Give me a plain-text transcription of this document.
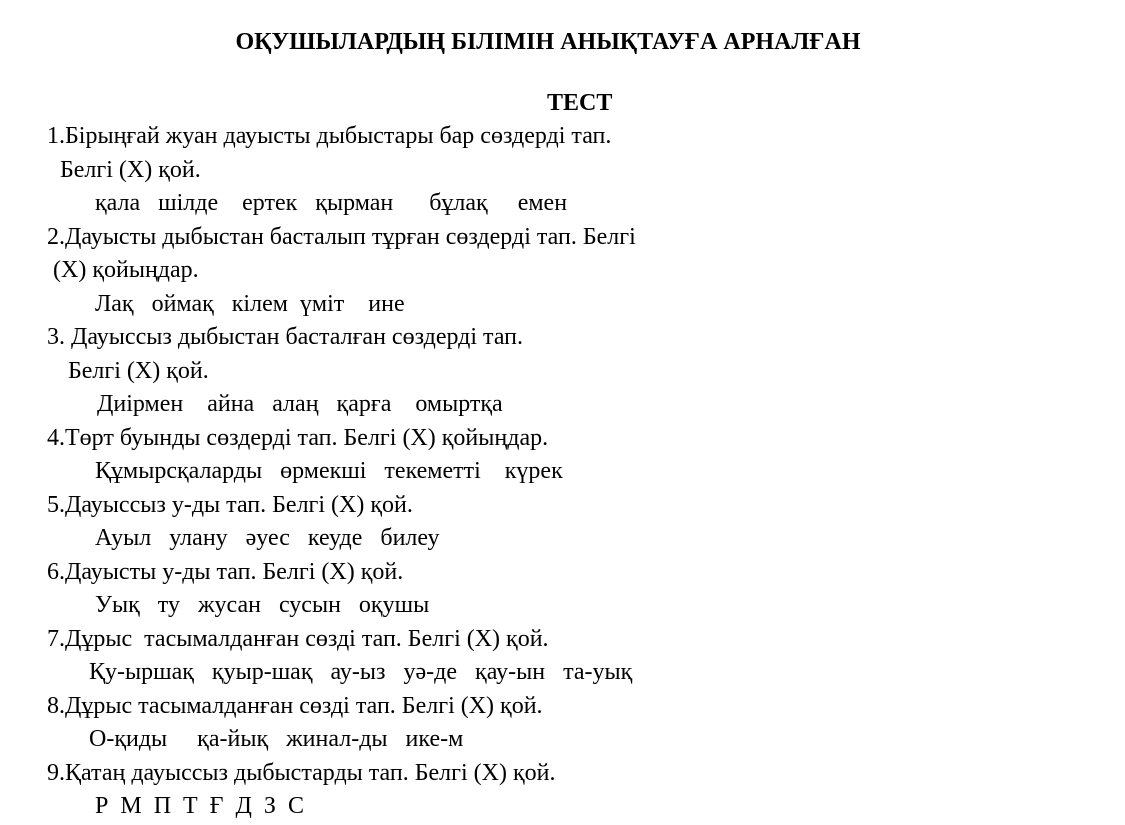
ОҚУШЫЛАРДЫҢ БІЛІМІН АНЫҚТАУҒА АРНАЛҒАН
ТЕСТ
1.Бірыңғай жуан дауысты дыбыстары бар сөздерді тап.
Белгі (Х) қой.
қала   шілде    ертек   қырман      бұлақ     емен
2.Дауысты дыбыстан басталып тұрған сөздерді тап. Белгі
(Х) қойыңдар.
Лақ   оймақ   кілем  үміт    ине
3. Дауыссыз дыбыстан басталған сөздерді тап.
Белгі (Х) қой.
Диірмен    айна   алаң   қарға    омыртқа
4.Төрт буынды сөздерді тап. Белгі (Х) қойыңдар.
Құмырсқаларды   өрмекші   текеметті    күрек
5.Дауыссыз у-ды тап. Белгі (Х) қой.
Ауыл   улану   әуес   кеуде   билеу
6.Дауысты у-ды тап. Белгі (Х) қой.
Уық   ту   жусан   сусын   оқушы
7.Дұрыс  тасымалданған сөзді тап. Белгі (Х) қой.
Қу-ыршақ   қуыр-шақ   ау-ыз   уә-де   қау-ын   та-уық
8.Дұрыс тасымалданған сөзді тап. Белгі (Х) қой.
О-қиды     қа-йық   жинал-ды   ике-м
9.Қатаң дауыссыз дыбыстарды тап. Белгі (Х) қой.
Р  М  П  Т  Ғ  Д  З  С
